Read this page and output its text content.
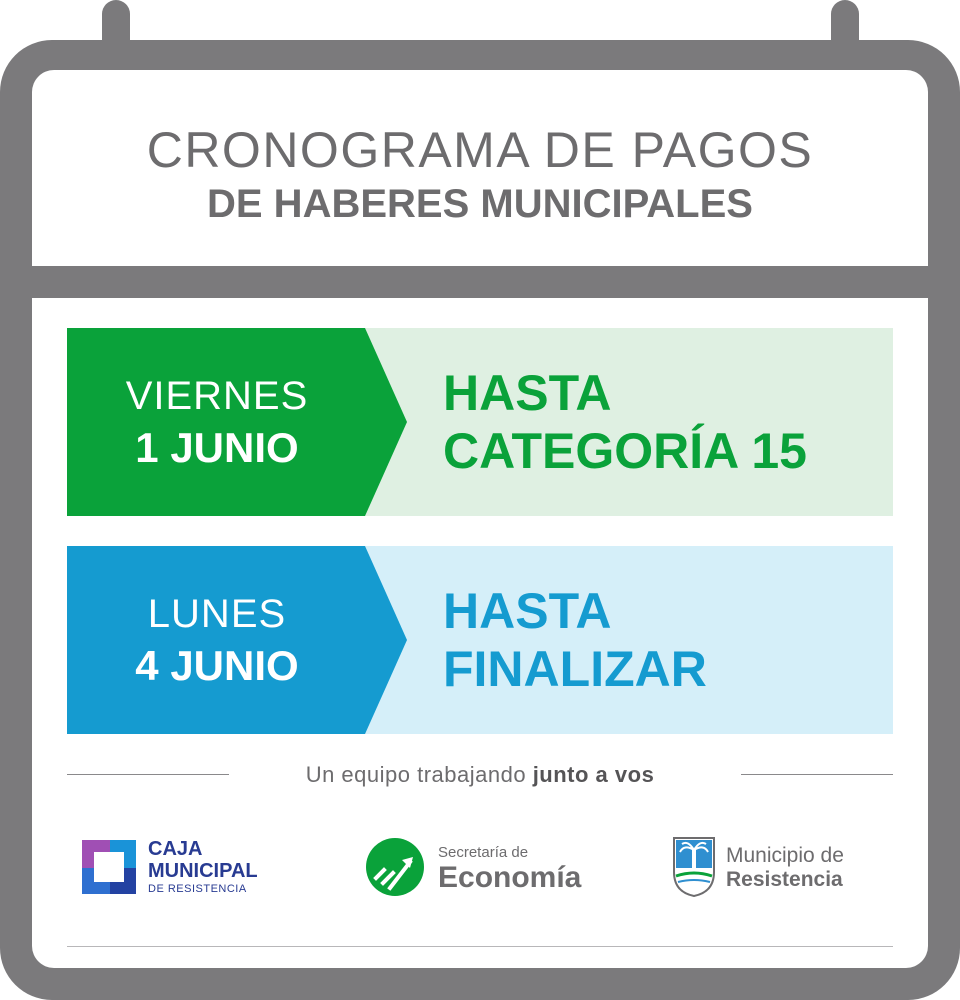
CRONOGRAMA DE PAGOS
DE HABERES MUNICIPALES
VIERNES
1 JUNIO
HASTA
CATEGORÍA 15
LUNES
4 JUNIO
HASTA
FINALIZAR
Un equipo trabajando junto a vos
CAJA
MUNICIPAL
DE RESISTENCIA
Secretaría de
Economía
Municipio de
Resistencia
